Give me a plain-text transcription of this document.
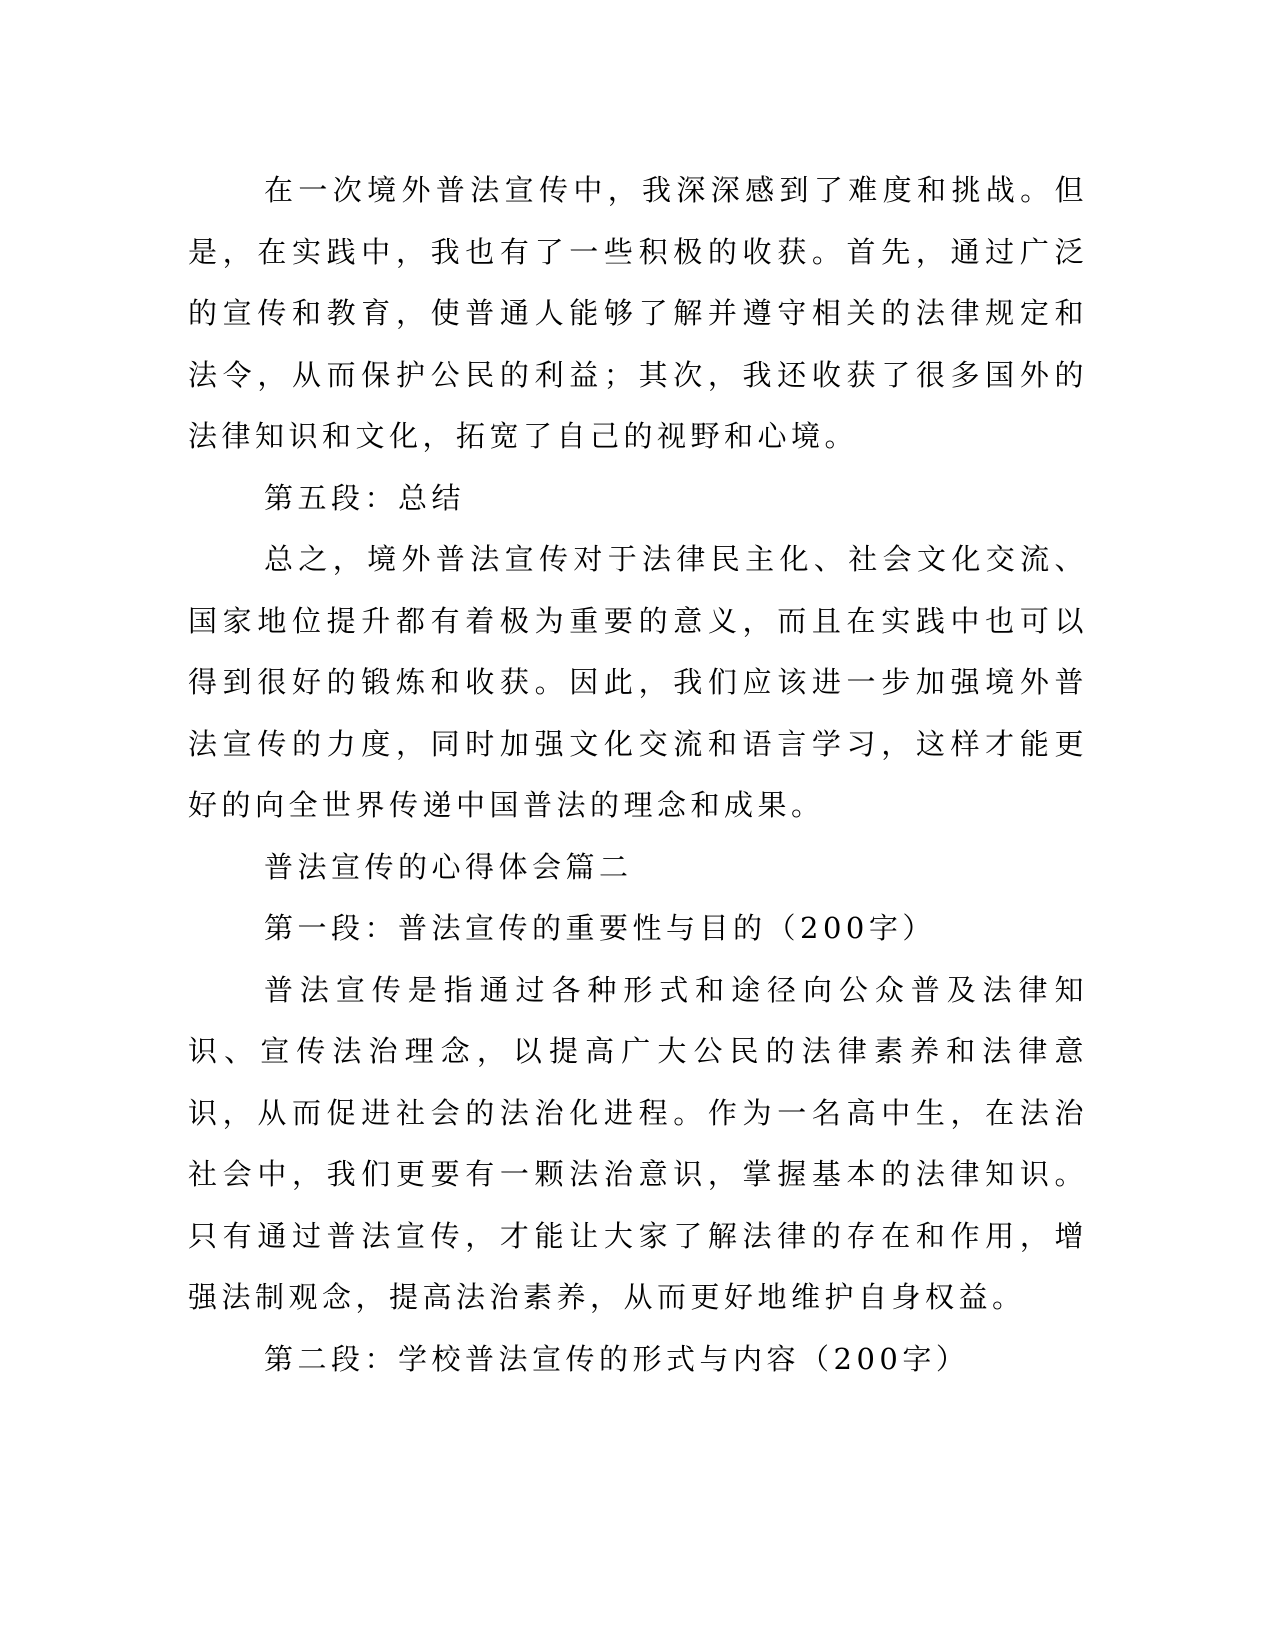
在一次境外普法宣传中，我深深感到了难度和挑战。但是，在实践中，我也有了一些积极的收获。首先，通过广泛的宣传和教育，使普通人能够了解并遵守相关的法律规定和法令，从而保护公民的利益；其次，我还收获了很多国外的法律知识和文化，拓宽了自己的视野和心境。

第五段：总结

总之，境外普法宣传对于法律民主化、社会文化交流、国家地位提升都有着极为重要的意义，而且在实践中也可以得到很好的锻炼和收获。因此，我们应该进一步加强境外普法宣传的力度，同时加强文化交流和语言学习，这样才能更好的向全世界传递中国普法的理念和成果。

普法宣传的心得体会篇二

第一段：普法宣传的重要性与目的（200字）

普法宣传是指通过各种形式和途径向公众普及法律知识、宣传法治理念，以提高广大公民的法律素养和法律意识，从而促进社会的法治化进程。作为一名高中生，在法治社会中，我们更要有一颗法治意识，掌握基本的法律知识。只有通过普法宣传，才能让大家了解法律的存在和作用，增强法制观念，提高法治素养，从而更好地维护自身权益。

第二段：学校普法宣传的形式与内容（200字）
